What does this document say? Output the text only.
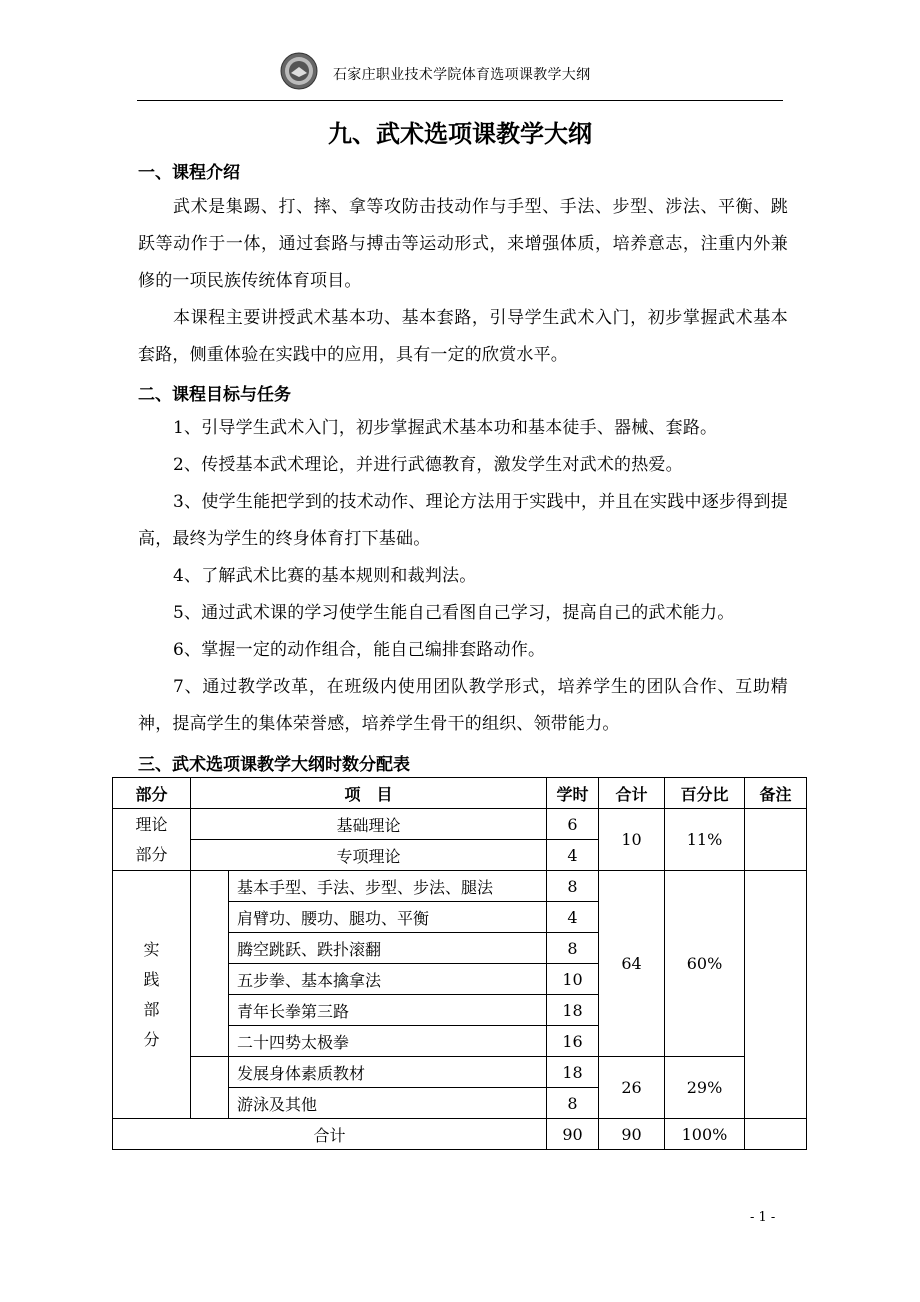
石家庄职业技术学院体育选项课教学大纲
九、武术选项课教学大纲
一、课程介绍
武术是集踢、打、摔、拿等攻防击技动作与手型、手法、步型、涉法、平衡、跳跃等动作于一体，通过套路与搏击等运动形式，来增强体质，培养意志，注重内外兼修的一项民族传统体育项目。
本课程主要讲授武术基本功、基本套路，引导学生武术入门，初步掌握武术基本套路，侧重体验在实践中的应用，具有一定的欣赏水平。
二、课程目标与任务
1、引导学生武术入门，初步掌握武术基本功和基本徒手、器械、套路。
2、传授基本武术理论，并进行武德教育，激发学生对武术的热爱。
3、使学生能把学到的技术动作、理论方法用于实践中，并且在实践中逐步得到提高，最终为学生的终身体育打下基础。
4、了解武术比赛的基本规则和裁判法。
5、通过武术课的学习使学生能自己看图自己学习，提高自己的武术能力。
6、掌握一定的动作组合，能自己编排套路动作。
7、通过教学改革，在班级内使用团队教学形式，培养学生的团队合作、互助精神，提高学生的集体荣誉感，培养学生骨干的组织、领带能力。
三、武术选项课教学大纲时数分配表
部分	项　目		学时	合计	百分比	备注

理论部分	基础理论		6	10	11%	
	专项理论		4			

实践部分		基本手型、手法、步型、步法、腿法	8	64	60%	
		肩臂功、腰功、腿功、平衡	4			
		腾空跳跃、跌扑滚翻	8			
		五步拳、基本擒拿法	10			
		青年长拳第三路	18			
		二十四势太极拳	16			
		发展身体素质教材	18	26	29%	
		游泳及其他	8			
合计			90	90	100%	
- 1 -
